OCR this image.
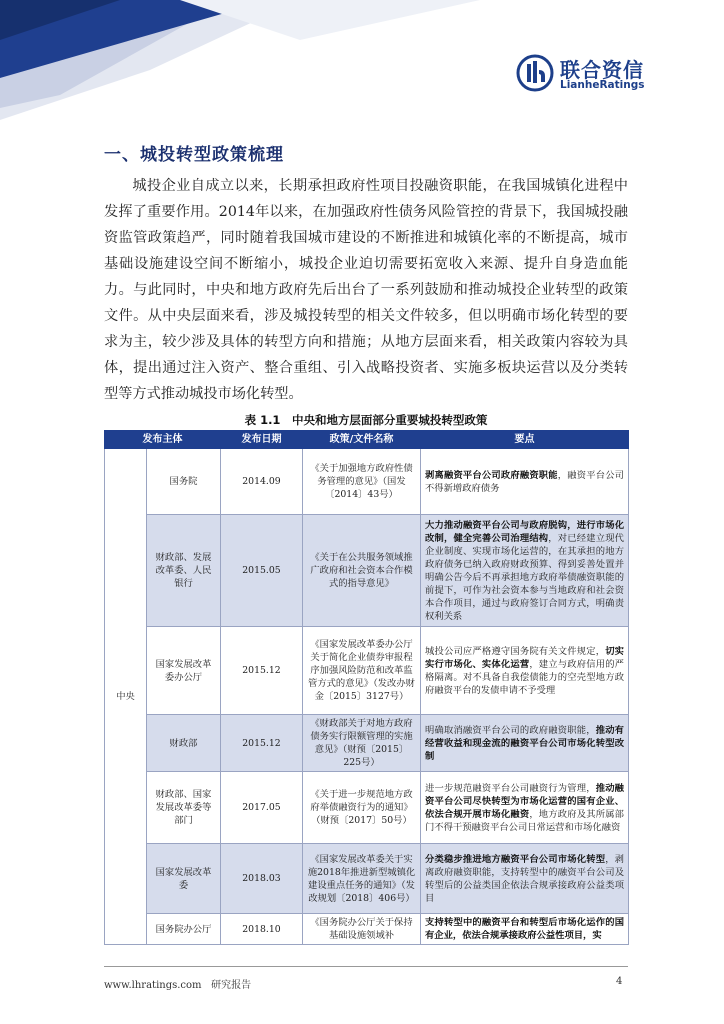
联合资信
LianheRatings
一、城投转型政策梳理
城投企业自成立以来，长期承担政府性项目投融资职能，在我国城镇化进程中发挥了重要作用。2014年以来，在加强政府性债务风险管控的背景下，我国城投融资监管政策趋严，同时随着我国城市建设的不断推进和城镇化率的不断提高，城市基础设施建设空间不断缩小，城投企业迫切需要拓宽收入来源、提升自身造血能力。与此同时，中央和地方政府先后出台了一系列鼓励和推动城投企业转型的政策文件。从中央层面来看，涉及城投转型的相关文件较多，但以明确市场化转型的要求为主，较少涉及具体的转型方向和措施；从地方层面来看，相关政策内容较为具体，提出通过注入资产、整合重组、引入战略投资者、实施多板块运营以及分类转型等方式推动城投市场化转型。
表 1.1　中央和地方层面部分重要城投转型政策
发布主体		发布日期	政策/文件名称	要点
中央	国务院	2014.09	《关于加强地方政府性债务管理的意见》（国发〔2014〕43号）	剥离融资平台公司政府融资职能，融资平台公司不得新增政府债务
	财政部、发展改革委、人民银行	2015.05	《关于在公共服务领域推广政府和社会资本合作模式的指导意见》	大力推动融资平台公司与政府脱钩，进行市场化改制，健全完善公司治理结构，对已经建立现代企业制度、实现市场化运营的，在其承担的地方政府债务已纳入政府财政预算、得到妥善处置并明确公告今后不再承担地方政府举债融资职能的前提下，可作为社会资本参与当地政府和社会资本合作项目，通过与政府签订合同方式，明确责权利关系
	国家发展改革委办公厅	2015.12	《国家发展改革委办公厅关于简化企业债券审报程序加强风险防范和改革监管方式的意见》（发改办财金〔2015〕3127号）	城投公司应严格遵守国务院有关文件规定，切实实行市场化、实体化运营，建立与政府信用的严格隔离。对不具备自我偿债能力的空壳型地方政府融资平台的发债申请不予受理
	财政部	2015.12	《财政部关于对地方政府债务实行限额管理的实施意见》（财预〔2015〕225号）	明确取消融资平台公司的政府融资职能，推动有经营收益和现金流的融资平台公司市场化转型改制
	财政部、国家发展改革委等部门	2017.05	《关于进一步规范地方政府举债融资行为的通知》（财预〔2017〕50号）	进一步规范融资平台公司融资行为管理，推动融资平台公司尽快转型为市场化运营的国有企业、依法合规开展市场化融资，地方政府及其所属部门不得干预融资平台公司日常运营和市场化融资
	国家发展改革委	2018.03	《国家发展改革委关于实施2018年推进新型城镇化建设重点任务的通知》（发改规划〔2018〕406号）	分类稳步推进地方融资平台公司市场化转型，剥离政府融资职能，支持转型中的融资平台公司及转型后的公益类国企依法合规承接政府公益类项目
	国务院办公厅	2018.10	《国务院办公厅关于保持基础设施领域补	支持转型中的融资平台和转型后市场化运作的国有企业，依法合规承接政府公益性项目，实
www.lhratings.com 研究报告	4
